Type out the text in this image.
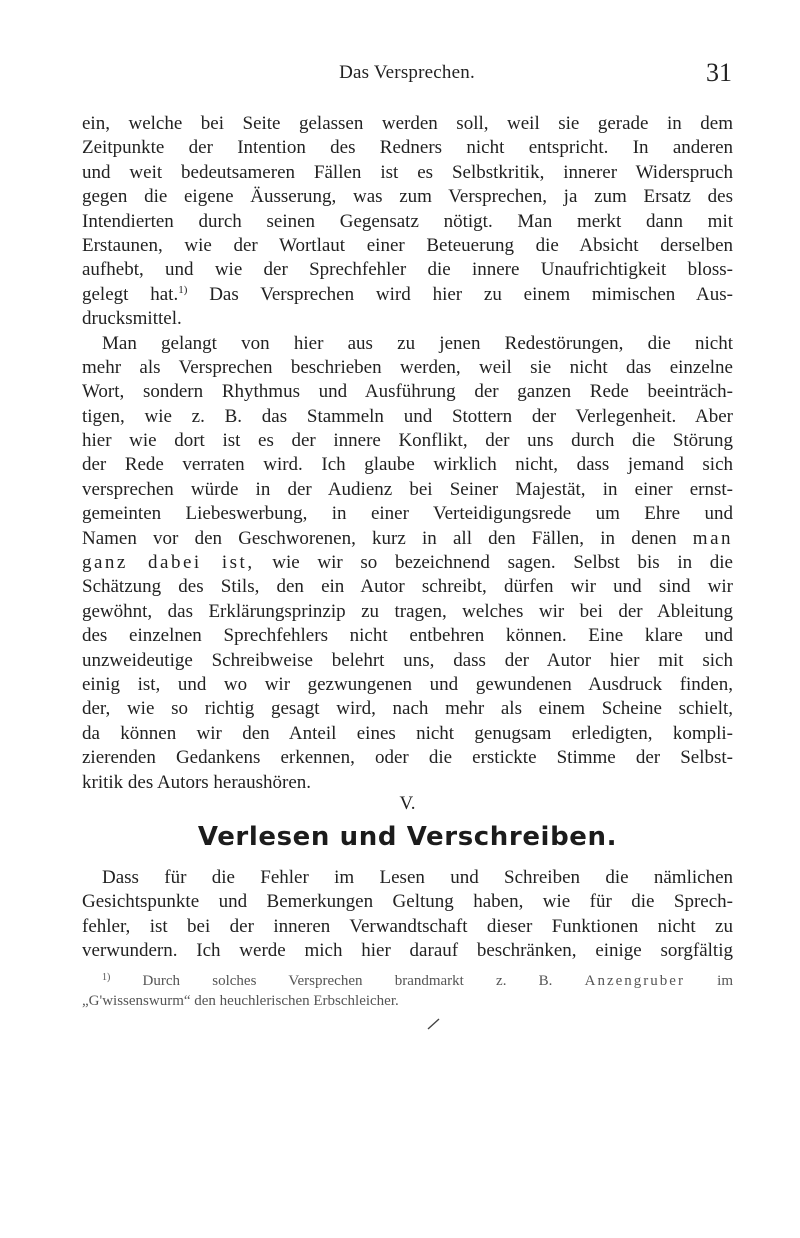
Das Versprechen.	31
ein, welche bei Seite gelassen werden soll, weil sie gerade in dem
Zeitpunkte der Intention des Redners nicht entspricht. In anderen
und weit bedeutsameren Fällen ist es Selbstkritik, innerer Widerspruch
gegen die eigene Äusserung, was zum Versprechen, ja zum Ersatz des
Intendierten durch seinen Gegensatz nötigt. Man merkt dann mit
Erstaunen, wie der Wortlaut einer Beteuerung die Absicht derselben
aufhebt, und wie der Sprechfehler die innere Unaufrichtigkeit bloss-
gelegt hat.$^{1)}$ Das Versprechen wird hier zu einem mimischen Aus-
drucksmittel.
Man gelangt von hier aus zu jenen Redestörungen, die nicht
mehr als Versprechen beschrieben werden, weil sie nicht das einzelne
Wort, sondern Rhythmus und Ausführung der ganzen Rede beeinträch-
tigen, wie z. B. das Stammeln und Stottern der Verlegenheit. Aber
hier wie dort ist es der innere Konflikt, der uns durch die Störung
der Rede verraten wird. Ich glaube wirklich nicht, dass jemand sich
versprechen würde in der Audienz bei Seiner Majestät, in einer ernst-
gemeinten Liebeswerbung, in einer Verteidigungsrede um Ehre und
Namen vor den Geschworenen, kurz in all den Fällen, in denen man
ganz dabei ist, wie wir so bezeichnend sagen. Selbst bis in die
Schätzung des Stils, den ein Autor schreibt, dürfen wir und sind wir
gewöhnt, das Erklärungsprinzip zu tragen, welches wir bei der Ableitung
des einzelnen Sprechfehlers nicht entbehren können. Eine klare und
unzweideutige Schreibweise belehrt uns, dass der Autor hier mit sich
einig ist, und wo wir gezwungenen und gewundenen Ausdruck finden,
der, wie so richtig gesagt wird, nach mehr als einem Scheine schielt,
da können wir den Anteil eines nicht genugsam erledigten, kompli-
zierenden Gedankens erkennen, oder die erstickte Stimme der Selbst-
kritik des Autors heraushören.
V.
Verlesen und Verschreiben.
Dass für die Fehler im Lesen und Schreiben die nämlichen
Gesichtspunkte und Bemerkungen Geltung haben, wie für die Sprech-
fehler, ist bei der inneren Verwandtschaft dieser Funktionen nicht zu
verwundern. Ich werde mich hier darauf beschränken, einige sorgfältig
$^{1)}$ Durch solches Versprechen brandmarkt z. B. Anzengruber im
„G'wissenswurm“ den heuchlerischen Erbschleicher.
